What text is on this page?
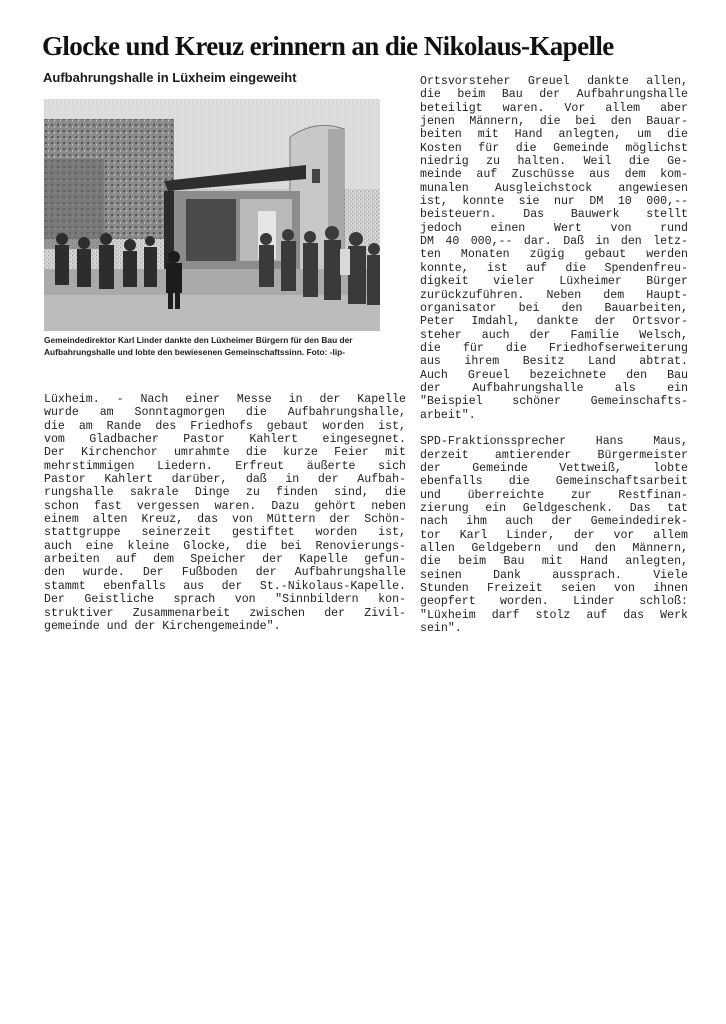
Glocke und Kreuz erinnern an die Nikolaus-Kapelle
Aufbahrungshalle in Lüxheim eingeweiht
Gemeindedirektor Karl Linder dankte den Lüxheimer Bürgern für den Bau der
Aufbahrungshalle und lobte den bewiesenen Gemeinschaftssinn. Foto: -lip-
Lüxheim. - Nach einer Messe in der Kapelle
wurde am Sonntagmorgen die Aufbahrungshalle,
die am Rande des Friedhofs gebaut worden ist,
vom Gladbacher Pastor Kahlert eingesegnet.
Der Kirchenchor umrahmte die kurze Feier mit
mehrstimmigen Liedern. Erfreut äußerte sich
Pastor Kahlert darüber, daß in der Aufbah-
rungshalle sakrale Dinge zu finden sind, die
schon fast vergessen waren. Dazu gehört neben
einem alten Kreuz, das von Müttern der Schön-
stattgruppe seinerzeit gestiftet worden ist,
auch eine kleine Glocke, die bei Renovierungs-
arbeiten auf dem Speicher der Kapelle gefun-
den wurde. Der Fußboden der Aufbahrungshalle
stammt ebenfalls aus der St.-Nikolaus-Kapelle.
Der Geistliche sprach von "Sinnbildern kon-
struktiver Zusammenarbeit zwischen der Zivil-
gemeinde und der Kirchengemeinde".
Ortsvorsteher Greuel dankte allen,
die beim Bau der Aufbahrungshalle
beteiligt waren. Vor allem aber
jenen Männern, die bei den Bauar-
beiten mit Hand anlegten, um die
Kosten für die Gemeinde möglichst
niedrig zu halten. Weil die Ge-
meinde auf Zuschüsse aus dem kom-
munalen Ausgleichstock angewiesen
ist, konnte sie nur DM 10 000,--
beisteuern. Das Bauwerk stellt
jedoch einen Wert von rund
DM 40 000,-- dar. Daß in den letz-
ten Monaten zügig gebaut werden
konnte, ist auf die Spendenfreu-
digkeit vieler Lüxheimer Bürger
zurückzuführen. Neben dem Haupt-
organisator bei den Bauarbeiten,
Peter Imdahl, dankte der Ortsvor-
steher auch der Familie Welsch,
die für die Friedhofserweiterung
aus ihrem Besitz Land abtrat.
Auch Greuel bezeichnete den Bau
der Aufbahrungshalle als ein
"Beispiel schöner Gemeinschafts-
arbeit".
SPD-Fraktionssprecher Hans Maus,
derzeit amtierender Bürgermeister
der Gemeinde Vettweiß, lobte
ebenfalls die Gemeinschaftsarbeit
und überreichte zur Restfinan-
zierung ein Geldgeschenk. Das tat
nach ihm auch der Gemeindedirek-
tor Karl Linder, der vor allem
allen Geldgebern und den Männern,
die beim Bau mit Hand anlegten,
seinen Dank aussprach. Viele
Stunden Freizeit seien von ihnen
geopfert worden. Linder schloß:
"Lüxheim darf stolz auf das Werk
sein".
